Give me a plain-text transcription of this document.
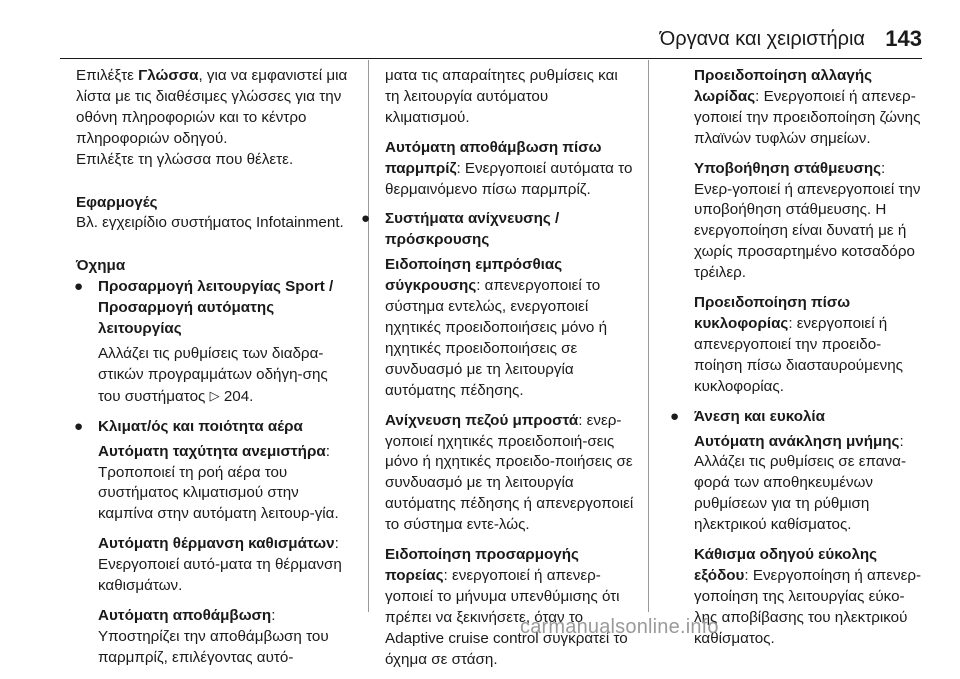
Όργανα και χειριστήρια 143

Επιλέξτε Γλώσσα, για να εμφανιστεί μια λίστα με τις διαθέσιμες γλώσσες για την οθόνη πληροφοριών και το κέντρο πληροφοριών οδηγού.

Επιλέξτε τη γλώσσα που θέλετε.

Εφαρμογές

Βλ. εγχειρίδιο συστήματος Infotainment.

Όχημα

● Προσαρμογή λειτουργίας Sport / Προσαρμογή αυτόματης λειτουργίας
Αλλάζει τις ρυθμίσεις των διαδρα-στικών προγραμμάτων οδήγη-σης του συστήματος ▷ 204.
● Κλιματ/ός και ποιότητα αέρα
Αυτόματη ταχύτητα ανεμιστήρα: Τροποποιεί τη ροή αέρα του συστήματος κλιματισμού στην καμπίνα στην αυτόματη λειτουρ-γία.
Αυτόματη θέρμανση καθισμάτων: Ενεργοποιεί αυτό-ματα τη θέρμανση καθισμάτων.
Αυτόματη αποθάμβωση: Υποστηρίζει την αποθάμβωση του παρμπρίζ, επιλέγοντας αυτό-
ματα τις απαραίτητες ρυθμίσεις και τη λειτουργία αυτόματου κλιματισμού.
Αυτόματη αποθάμβωση πίσω παρμπρίζ: Ενεργοποιεί αυτόματα το θερμαινόμενο πίσω παρμπρίζ.
● Συστήματα ανίχνευσης / πρόσκρουσης
Ειδοποίηση εμπρόσθιας σύγκρουσης: απενεργοποιεί το σύστημα εντελώς, ενεργοποιεί ηχητικές προειδοποιήσεις μόνο ή ηχητικές προειδοποιήσεις σε συνδυασμό με τη λειτουργία αυτόματης πέδησης.
Ανίχνευση πεζού μπροστά: ενερ-γοποιεί ηχητικές προειδοποιή-σεις μόνο ή ηχητικές προειδο-ποιήσεις σε συνδυασμό με τη λειτουργία αυτόματης πέδησης ή απενεργοποιεί το σύστημα εντε-λώς.
Ειδοποίηση προσαρμογής πορείας: ενεργοποιεί ή απενερ-γοποιεί το μήνυμα υπενθύμισης ότι πρέπει να ξεκινήσετε, όταν το Adaptive cruise control συγκρατεί το όχημα σε στάση.
Προειδοποίηση αλλαγής λωρίδας: Ενεργοποιεί ή απενερ-γοποιεί την προειδοποίηση ζώνης πλαϊνών τυφλών σημείων.
Υποβοήθηση στάθμευσης: Ενερ-γοποιεί ή απενεργοποιεί την υποβοήθηση στάθμευσης. Η ενεργοποίηση είναι δυνατή με ή χωρίς προσαρτημένο κοτσαδόρο τρέιλερ.
Προειδοποίηση πίσω κυκλοφορίας: ενεργοποιεί ή απενεργοποιεί την προειδο-ποίηση πίσω διασταυρούμενης κυκλοφορίας.
● Άνεση και ευκολία
Αυτόματη ανάκληση μνήμης: Αλλάζει τις ρυθμίσεις σε επανα-φορά των αποθηκευμένων ρυθμίσεων για τη ρύθμιση ηλεκτρικού καθίσματος.
Κάθισμα οδηγού εύκολης εξόδου: Ενεργοποίηση ή απενερ-γοποίηση της λειτουργίας εύκο-λης αποβίβασης του ηλεκτρικού καθίσματος.
carmanualsonline.info
